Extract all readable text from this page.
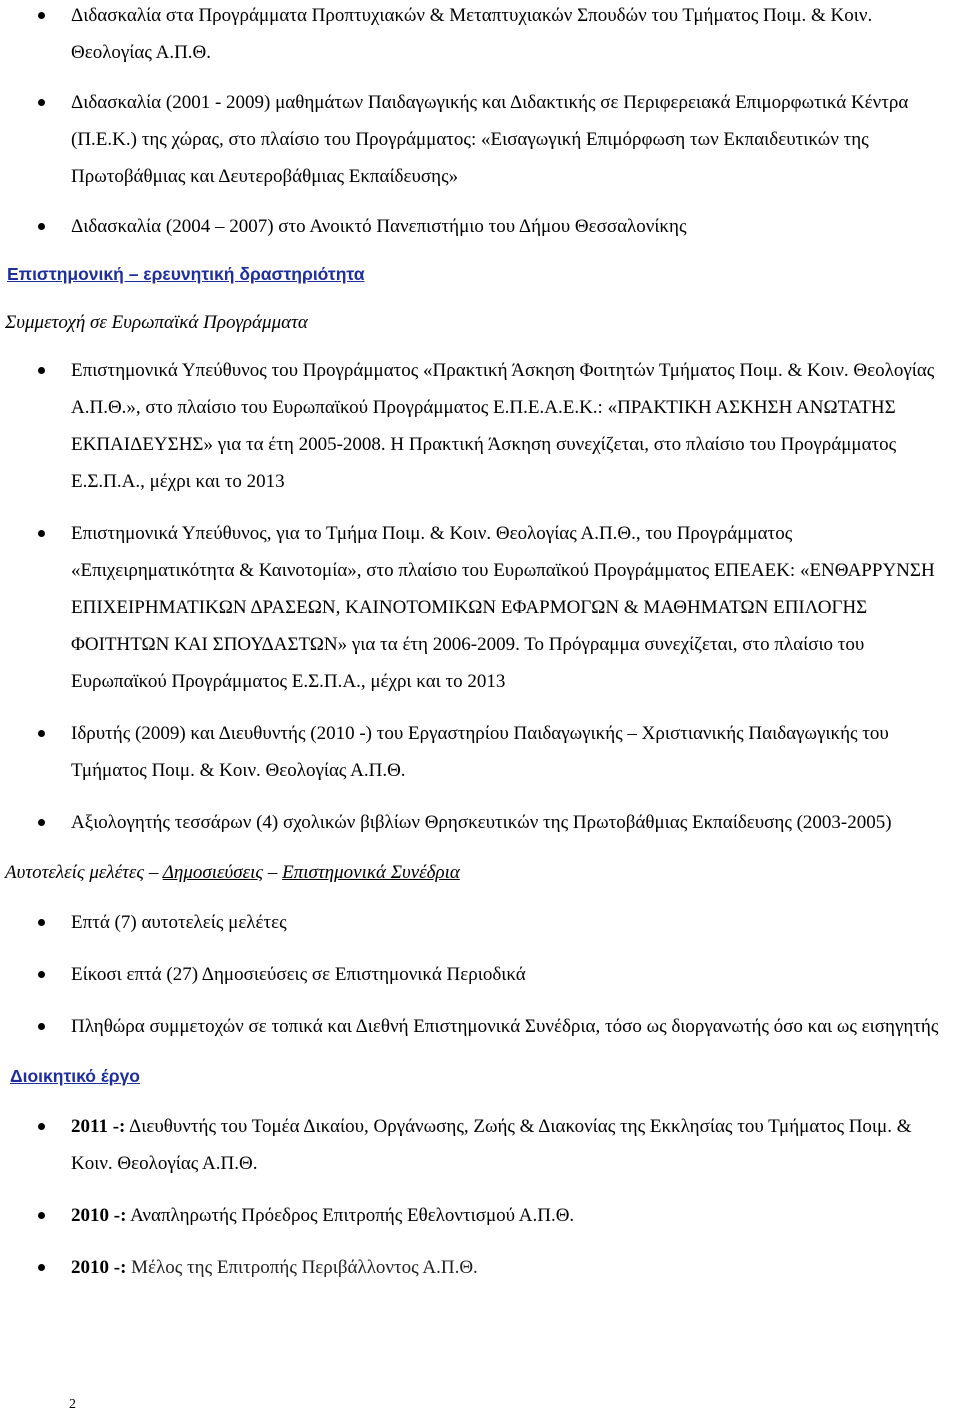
Διδασκαλία στα Προγράμματα Προπτυχιακών & Μεταπτυχιακών Σπουδών του Τμήματος Ποιμ. & Κοιν. Θεολογίας Α.Π.Θ.
Διδασκαλία (2001 - 2009) μαθημάτων Παιδαγωγικής και Διδακτικής σε Περιφερειακά Επιμορφωτικά Κέντρα (Π.Ε.Κ.) της χώρας, στο πλαίσιο του Προγράμματος: «Εισαγωγική Επιμόρφωση των Εκπαιδευτικών της Πρωτοβάθμιας και Δευτεροβάθμιας Εκπαίδευσης»
Διδασκαλία (2004 – 2007) στο Ανοικτό Πανεπιστήμιο του Δήμου Θεσσαλονίκης
Επιστημονική – ερευνητική δραστηριότητα
Συμμετοχή σε Ευρωπαϊκά Προγράμματα
Επιστημονικά Υπεύθυνος του Προγράμματος «Πρακτική Άσκηση Φοιτητών Τμήματος Ποιμ. & Κοιν. Θεολογίας Α.Π.Θ.», στο πλαίσιο του Ευρωπαϊκού Προγράμματος Ε.Π.Ε.Α.Ε.Κ.: «ΠΡΑΚΤΙΚΗ ΑΣΚΗΣΗ ΑΝΩΤΑΤΗΣ ΕΚΠΑΙΔΕΥΣΗΣ» για τα έτη 2005-2008. Η Πρακτική Άσκηση συνεχίζεται, στο πλαίσιο του Προγράμματος Ε.Σ.Π.Α., μέχρι και το 2013
Επιστημονικά Υπεύθυνος, για το Τμήμα Ποιμ. & Κοιν. Θεολογίας Α.Π.Θ., του Προγράμματος «Επιχειρηματικότητα & Καινοτομία», στο πλαίσιο του Ευρωπαϊκού Προγράμματος ΕΠΕΑΕΚ: «ΕΝΘΑΡΡΥΝΣΗ ΕΠΙΧΕΙΡΗΜΑΤΙΚΩΝ ΔΡΑΣΕΩΝ, ΚΑΙΝΟΤΟΜΙΚΩΝ ΕΦΑΡΜΟΓΩΝ & ΜΑΘΗΜΑΤΩΝ ΕΠΙΛΟΓΗΣ ΦΟΙΤΗΤΩΝ ΚΑΙ ΣΠΟΥΔΑΣΤΩΝ» για τα έτη 2006-2009. Το Πρόγραμμα συνεχίζεται, στο πλαίσιο του Ευρωπαϊκού Προγράμματος Ε.Σ.Π.Α., μέχρι και το 2013
Ιδρυτής (2009) και Διευθυντής (2010 -) του Εργαστηρίου Παιδαγωγικής – Χριστιανικής Παιδαγωγικής του Τμήματος Ποιμ. & Κοιν. Θεολογίας Α.Π.Θ.
Αξιολογητής τεσσάρων (4) σχολικών βιβλίων Θρησκευτικών της Πρωτοβάθμιας Εκπαίδευσης (2003-2005)
Αυτοτελείς μελέτες – Δημοσιεύσεις – Επιστημονικά Συνέδρια
Επτά (7) αυτοτελείς μελέτες
Είκοσι επτά (27) Δημοσιεύσεις σε Επιστημονικά Περιοδικά
Πληθώρα συμμετοχών σε τοπικά και Διεθνή Επιστημονικά Συνέδρια, τόσο ως διοργανωτής όσο και ως εισηγητής
Διοικητικό έργο
2011 -: Διευθυντής του Τομέα Δικαίου, Οργάνωσης, Ζωής & Διακονίας της Εκκλησίας του Τμήματος Ποιμ. & Κοιν. Θεολογίας Α.Π.Θ.
2010 -: Αναπληρωτής Πρόεδρος Επιτροπής Εθελοντισμού Α.Π.Θ.
2010 -: Μέλος της Επιτροπής Περιβάλλοντος Α.Π.Θ.
2
